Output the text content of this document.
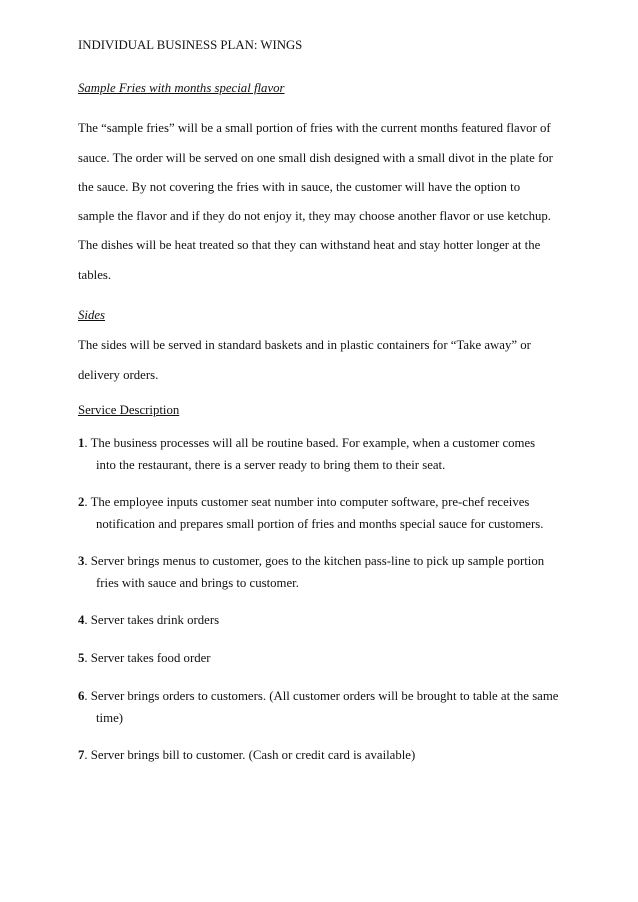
INDIVIDUAL BUSINESS PLAN: WINGS
Sample Fries with months special flavor
The “sample fries” will be a small portion of fries with the current months featured flavor of
sauce. The order will be served on one small dish designed with a small divot in the plate for
the sauce. By not covering the fries with in sauce, the customer will have the option to
sample the flavor and if they do not enjoy it, they may choose another flavor or use ketchup.
The dishes will be heat treated so that they can withstand heat and stay hotter longer at the
tables.
Sides
The sides will be served in standard baskets and in plastic containers for “Take away” or
delivery orders.
Service Description
1. The business processes will all be routine based. For example, when a customer comes
into the restaurant, there is a server ready to bring them to their seat.
2. The employee inputs customer seat number into computer software, pre-chef receives
notification and prepares small portion of fries and months special sauce for customers.
3. Server brings menus to customer, goes to the kitchen pass-line to pick up sample portion
fries with sauce and brings to customer.
4. Server takes drink orders
5. Server takes food order
6. Server brings orders to customers. (All customer orders will be brought to table at the same
time)
7. Server brings bill to customer. (Cash or credit card is available)
